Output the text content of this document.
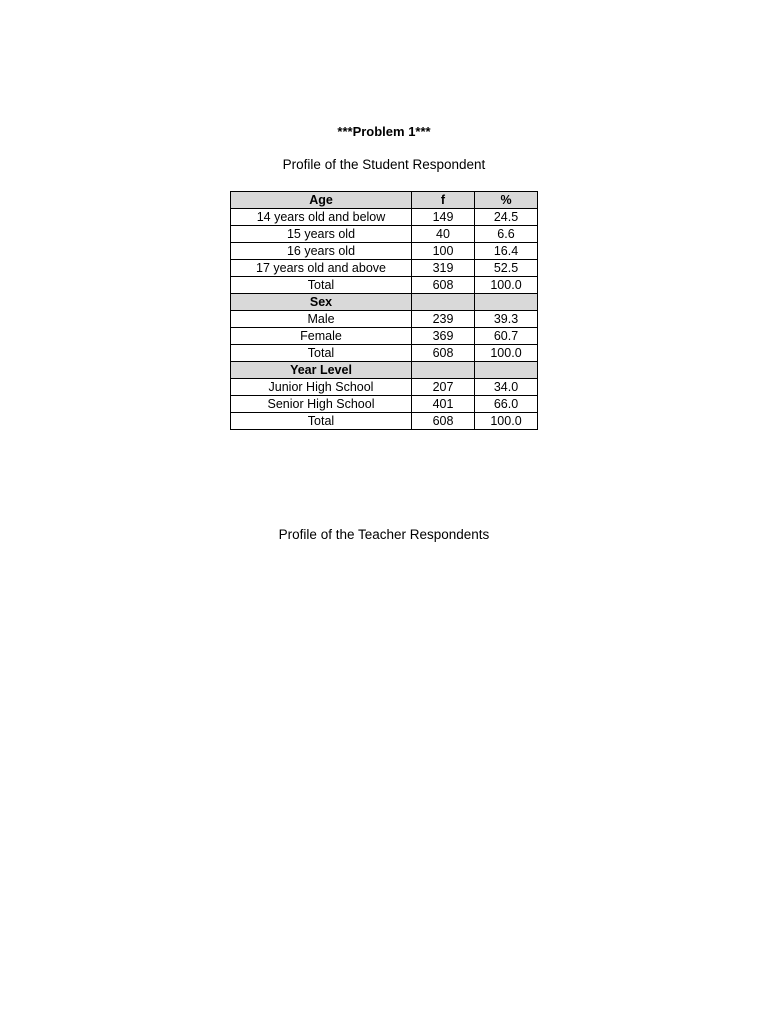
***Problem 1***
Profile of the Student Respondent
Age	f	%
14 years old and below	149	24.5
15 years old	40	6.6
16 years old	100	16.4
17 years old and above	319	52.5
Total	608	100.0
Sex		
Male	239	39.3
Female	369	60.7
Total	608	100.0
Year Level		
Junior High School	207	34.0
Senior High School	401	66.0
Total	608	100.0
Profile of the Teacher Respondents
